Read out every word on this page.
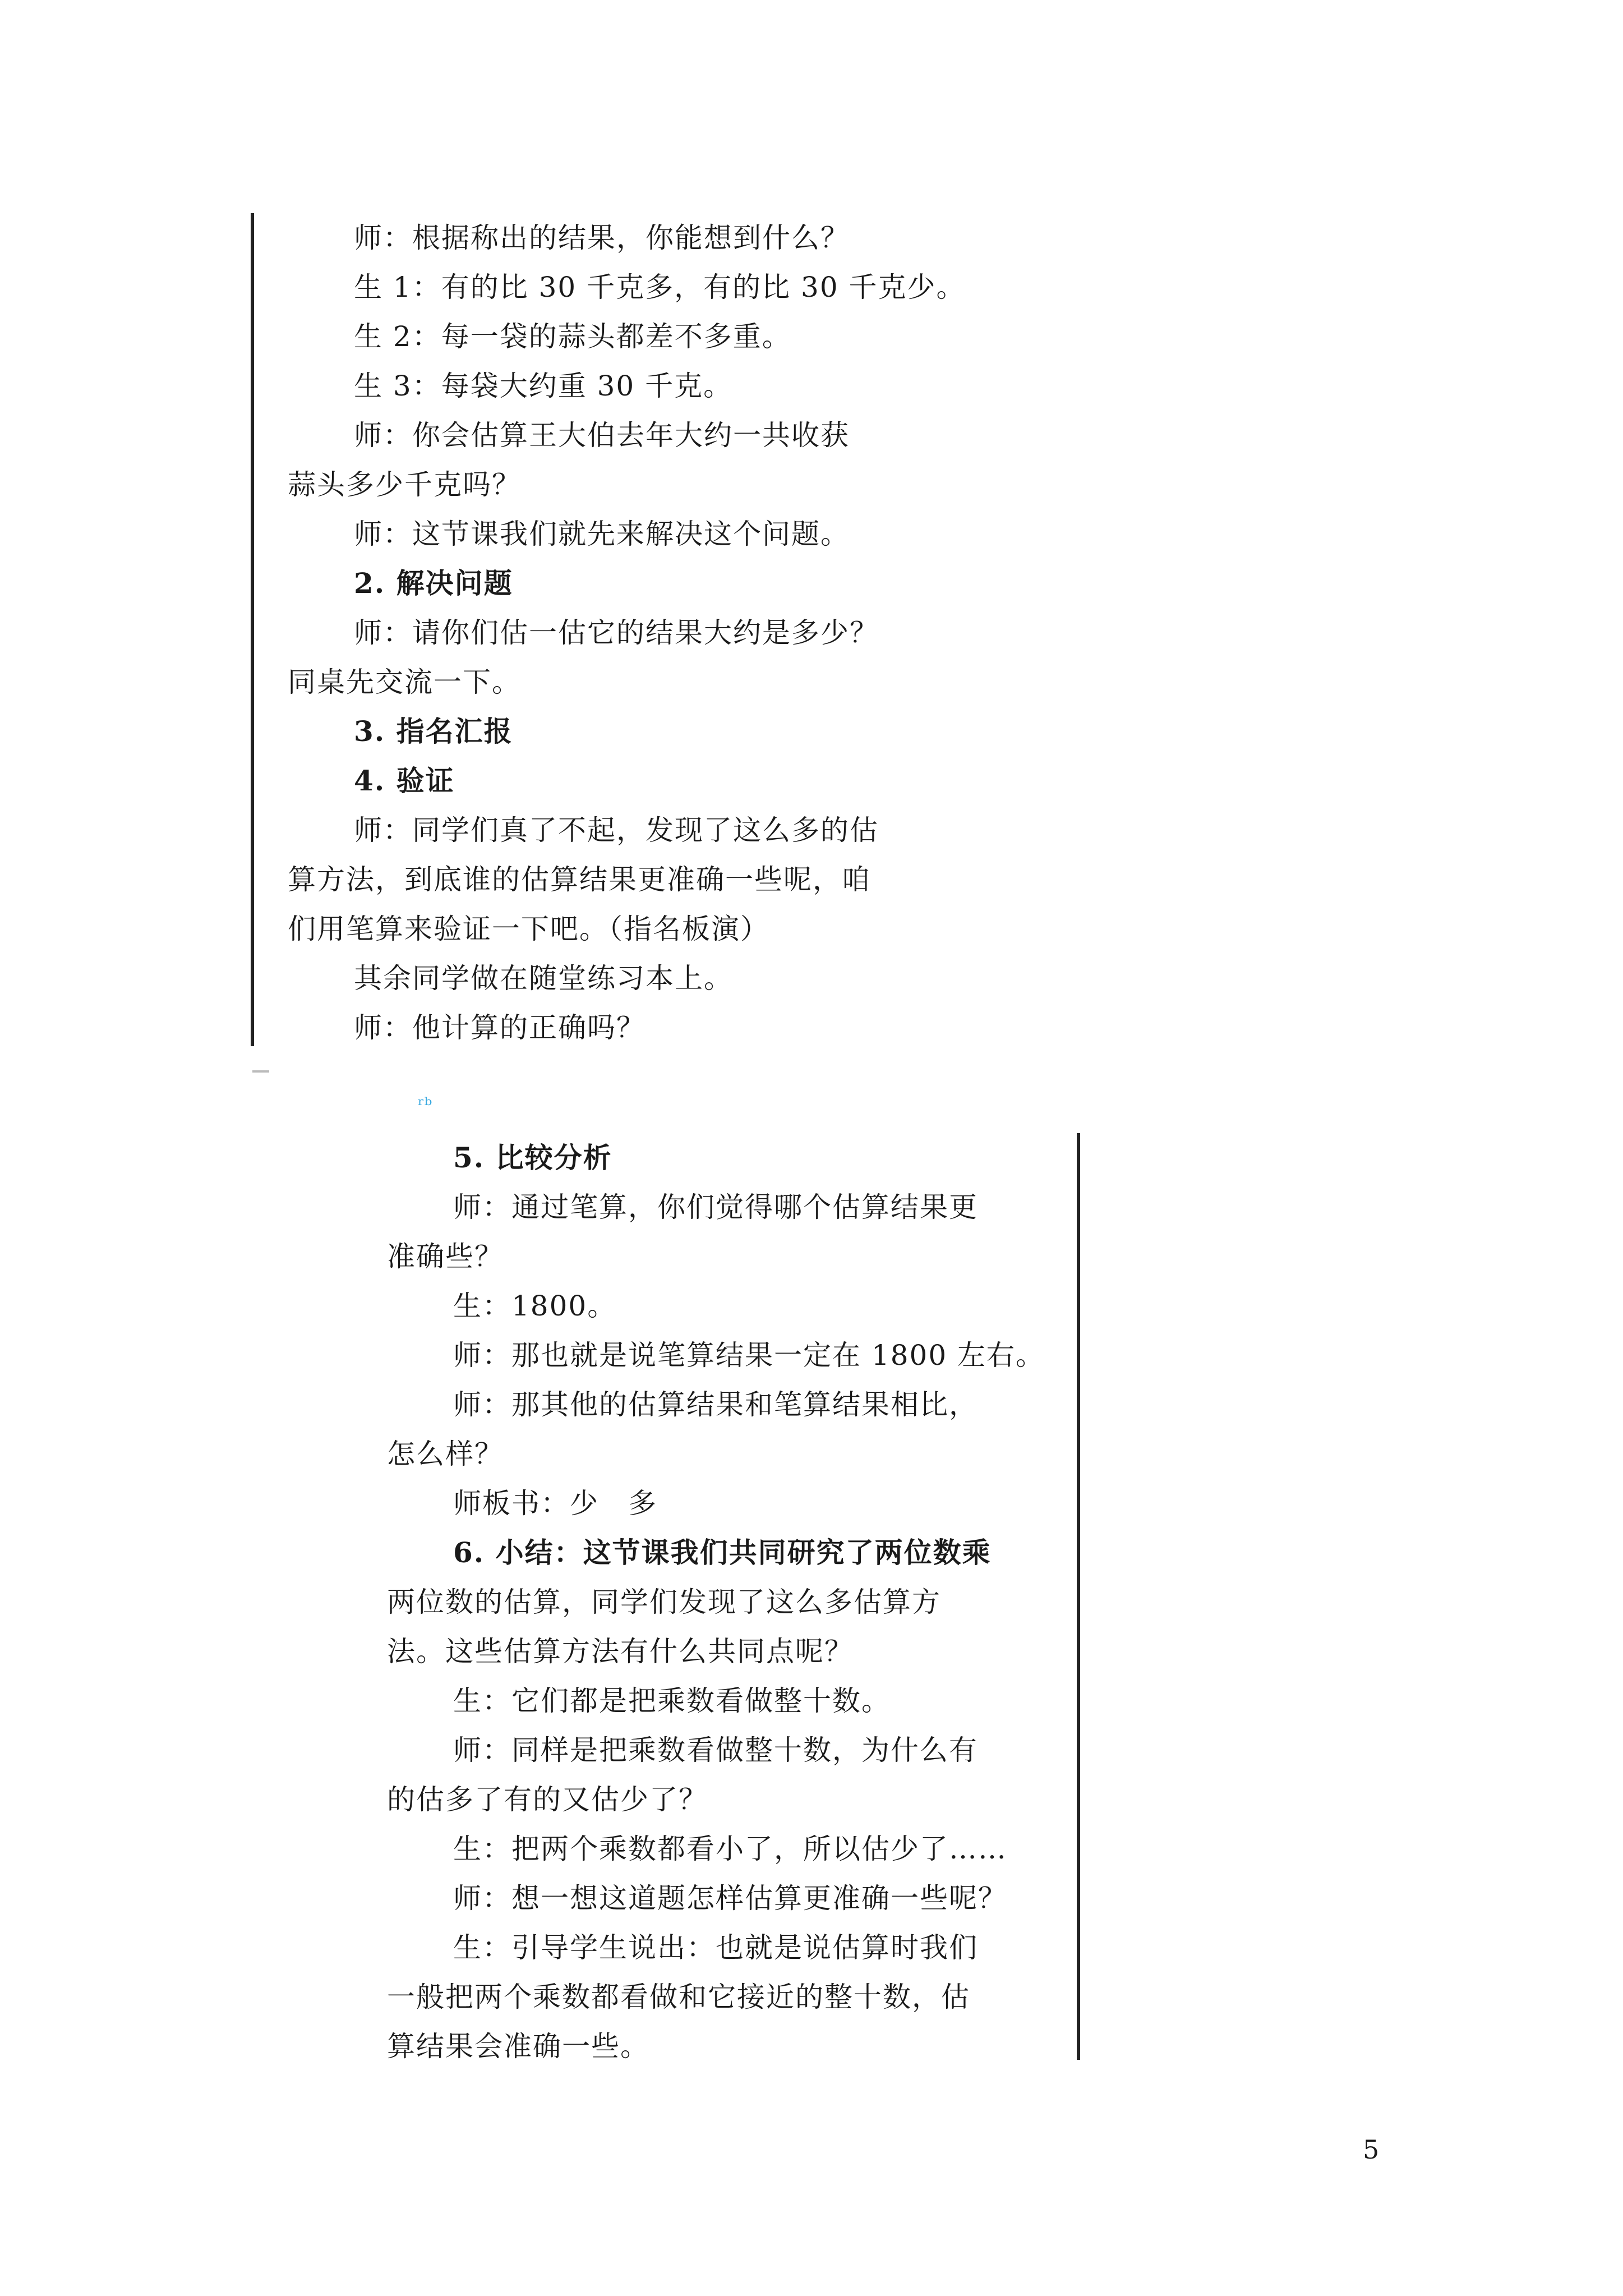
师：根据称出的结果，你能想到什么？
生 1：有的比 30 千克多，有的比 30 千克少。
生 2：每一袋的蒜头都差不多重。
生 3：每袋大约重 30 千克。
师：你会估算王大伯去年大约一共收获
蒜头多少千克吗？
师：这节课我们就先来解决这个问题。
2. 解决问题
师：请你们估一估它的结果大约是多少？
同桌先交流一下。
3. 指名汇报
4. 验证
师：同学们真了不起，发现了这么多的估
算方法，到底谁的估算结果更准确一些呢，咱
们用笔算来验证一下吧。（指名板演）
其余同学做在随堂练习本上。
师：他计算的正确吗？
ʳᵇ
5. 比较分析
师：通过笔算，你们觉得哪个估算结果更
准确些？
生：1800。
师：那也就是说笔算结果一定在 1800 左右。
师：那其他的估算结果和笔算结果相比，
怎么样？
师板书：少　多
6. 小结：这节课我们共同研究了两位数乘
两位数的估算，同学们发现了这么多估算方
法。这些估算方法有什么共同点呢？
生：它们都是把乘数看做整十数。
师：同样是把乘数看做整十数，为什么有
的估多了有的又估少了？
生：把两个乘数都看小了，所以估少了……
师：想一想这道题怎样估算更准确一些呢？
生：引导学生说出：也就是说估算时我们
一般把两个乘数都看做和它接近的整十数，估
算结果会准确一些。
5
